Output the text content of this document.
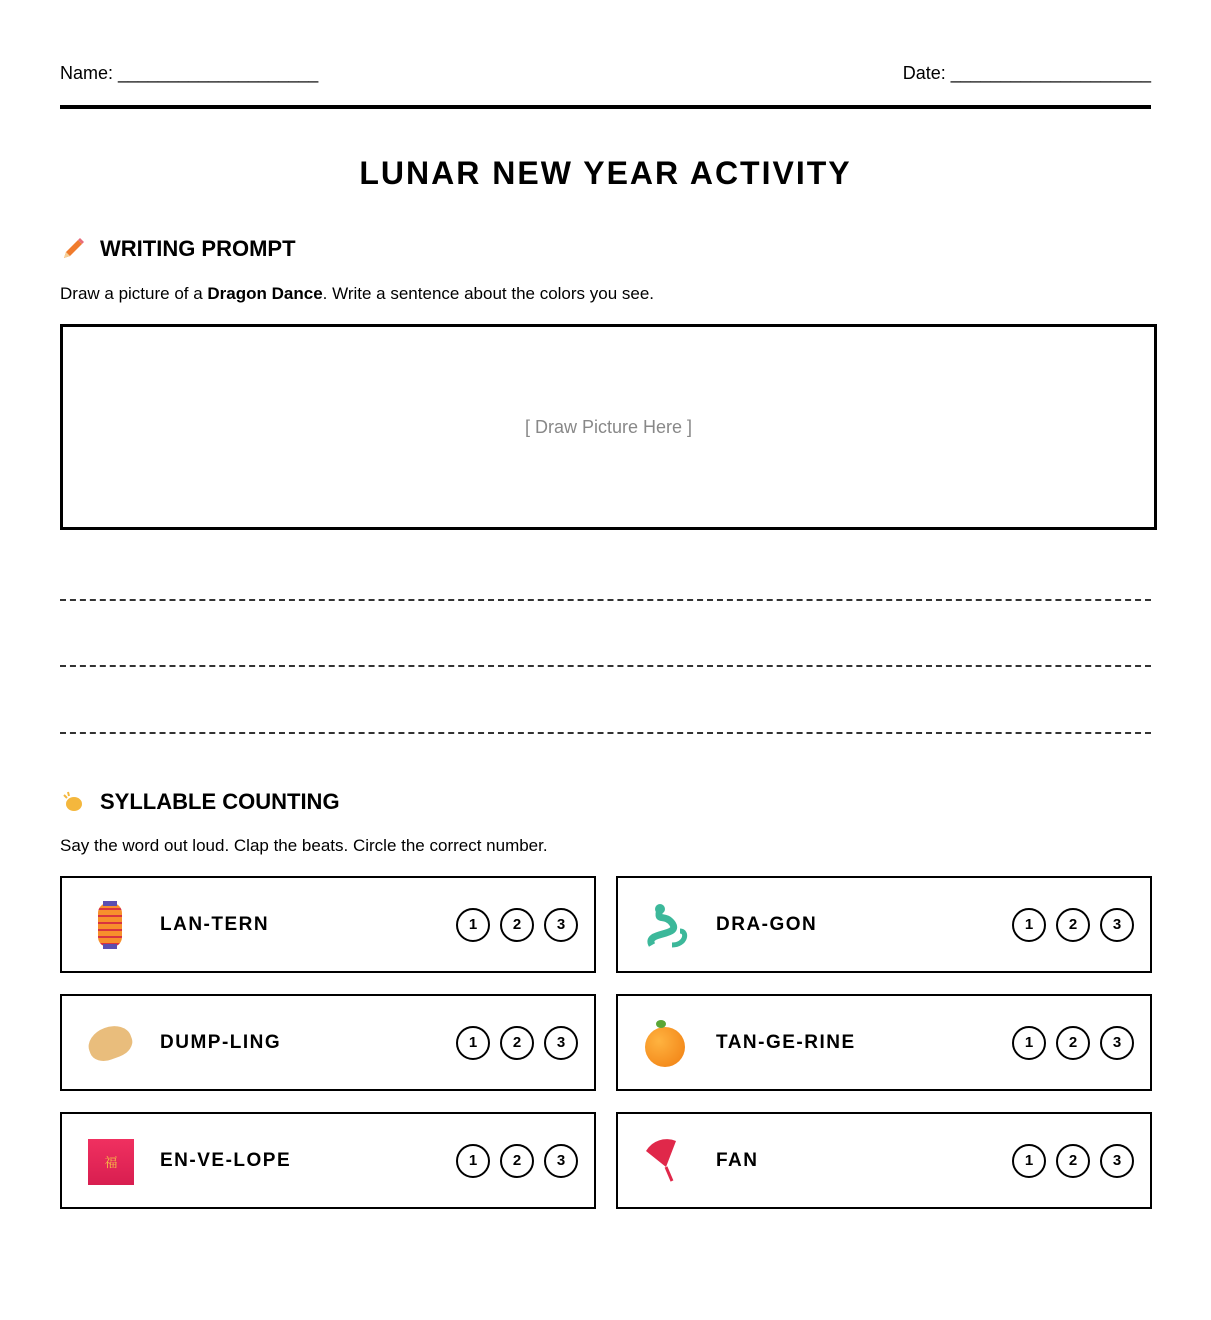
Name: ____________________	Date: ____________________
LUNAR NEW YEAR ACTIVITY
WRITING PROMPT
Draw a picture of a Dragon Dance. Write a sentence about the colors you see.
[ Draw Picture Here ]
SYLLABLE COUNTING
Say the word out loud. Clap the beats. Circle the correct number.
LAN-TERN	1	2	3	DRA-GON	1	2	3
DUMP-LING	1	2	3	TAN-GE-RINE	1	2	3
福	EN-VE-LOPE	1	2	3	FAN	1	2	3
